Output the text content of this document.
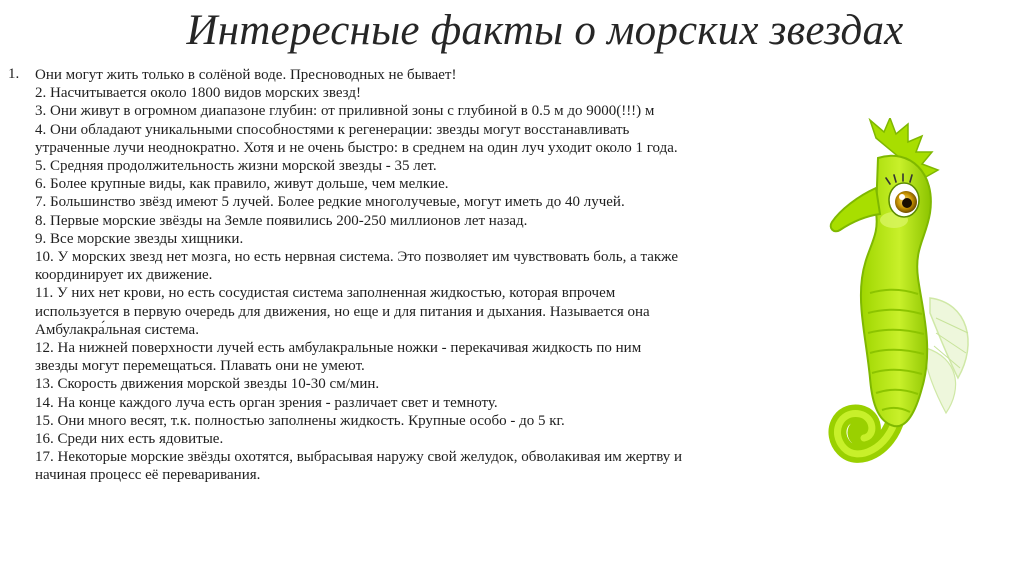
Интересные факты о морских звездах
1. Они могут жить только в солёной воде. Пресноводных не бывает!
2. Насчитывается около 1800 видов морских звезд!
3. Они живут в огромном диапазоне глубин: от приливной зоны с глубиной в 0.5 м до 9000(!!!) м
4. Они обладают уникальными способностями к регенерации: звезды могут восстанавливать
утраченные лучи неоднократно. Хотя и не очень быстро: в среднем на один луч уходит около 1 года.
5. Средняя продолжительность жизни морской звезды - 35 лет.
6. Более крупные виды, как правило, живут дольше, чем мелкие.
7. Большинство звёзд имеют 5 лучей. Более редкие многолучевые, могут иметь до 40 лучей.
8. Первые морские звёзды на Земле появились 200-250 миллионов лет назад.
9. Все морские звезды хищники.
10. У морских звезд нет мозга, но есть нервная система. Это позволяет им чувствовать боль, а также
координирует их движение.
11. У них нет крови, но есть сосудистая система заполненная жидкостью, которая впрочем
используется в первую очередь для движения, но еще и для питания и дыхания. Называется она
Амбулакра́льная система.
12. На нижней поверхности лучей есть амбулакральные ножки - перекачивая жидкость по ним
звезды могут перемещаться. Плавать они не умеют.
13. Скорость движения морской звезды 10-30 см/мин.
14. На конце каждого луча есть орган зрения - различает свет и темноту.
15. Они много весят, т.к. полностью заполнены жидкость. Крупные особо - до 5 кг.
16. Среди них есть ядовитые.
17. Некоторые морские звёзды охотятся, выбрасывая наружу свой желудок, обволакивая им жертву и
начиная процесс её переваривания.
